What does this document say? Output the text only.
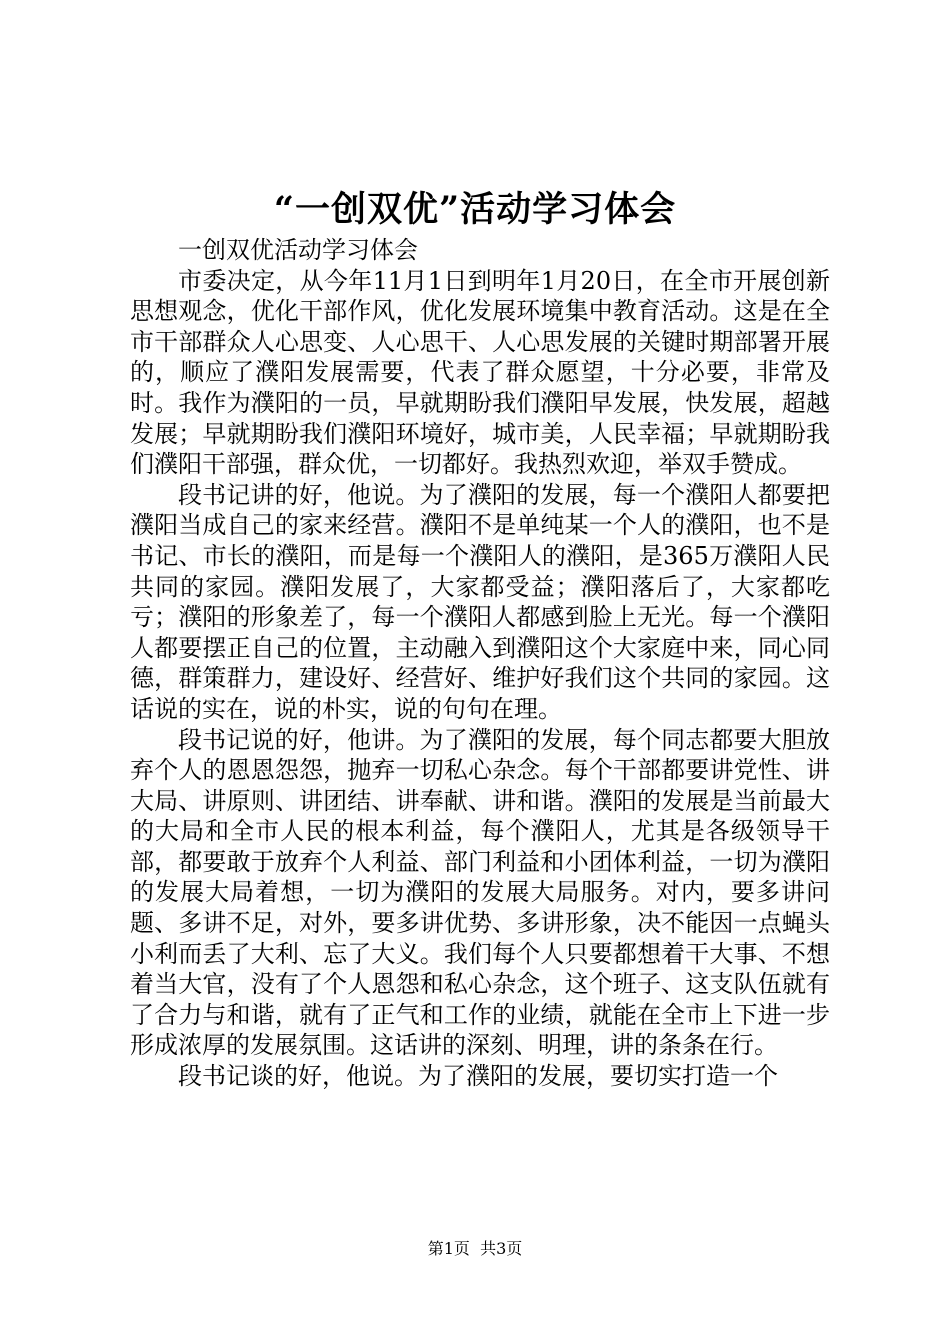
“一创双优”活动学习体会

一创双优活动学习体会

市委决定，从今年11月1日到明年1月20日，在全市开展创新思想观念，优化干部作风，优化发展环境集中教育活动。这是在全市干部群众人心思变、人心思干、人心思发展的关键时期部署开展的，顺应了濮阳发展需要，代表了群众愿望，十分必要，非常及时。我作为濮阳的一员，早就期盼我们濮阳早发展，快发展，超越发展；早就期盼我们濮阳环境好，城市美，人民幸福；早就期盼我们濮阳干部强，群众优，一切都好。我热烈欢迎，举双手赞成。

段书记讲的好，他说。为了濮阳的发展，每一个濮阳人都要把濮阳当成自己的家来经营。濮阳不是单纯某一个人的濮阳，也不是书记、市长的濮阳，而是每一个濮阳人的濮阳，是365万濮阳人民共同的家园。濮阳发展了，大家都受益；濮阳落后了，大家都吃亏；濮阳的形象差了，每一个濮阳人都感到脸上无光。每一个濮阳人都要摆正自己的位置，主动融入到濮阳这个大家庭中来，同心同德，群策群力，建设好、经营好、维护好我们这个共同的家园。这话说的实在，说的朴实，说的句句在理。

段书记说的好，他讲。为了濮阳的发展，每个同志都要大胆放弃个人的恩恩怨怨，抛弃一切私心杂念。每个干部都要讲党性、讲大局、讲原则、讲团结、讲奉献、讲和谐。濮阳的发展是当前最大的大局和全市人民的根本利益，每个濮阳人，尤其是各级领导干部，都要敢于放弃个人利益、部门利益和小团体利益，一切为濮阳的发展大局着想，一切为濮阳的发展大局服务。对内，要多讲问题、多讲不足，对外，要多讲优势、多讲形象，决不能因一点蝇头小利而丢了大利、忘了大义。我们每个人只要都想着干大事、不想着当大官，没有了个人恩怨和私心杂念，这个班子、这支队伍就有了合力与和谐，就有了正气和工作的业绩，就能在全市上下进一步形成浓厚的发展氛围。这话讲的深刻、明理，讲的条条在行。

段书记谈的好，他说。为了濮阳的发展，要切实打造一个

第1页 共3页
